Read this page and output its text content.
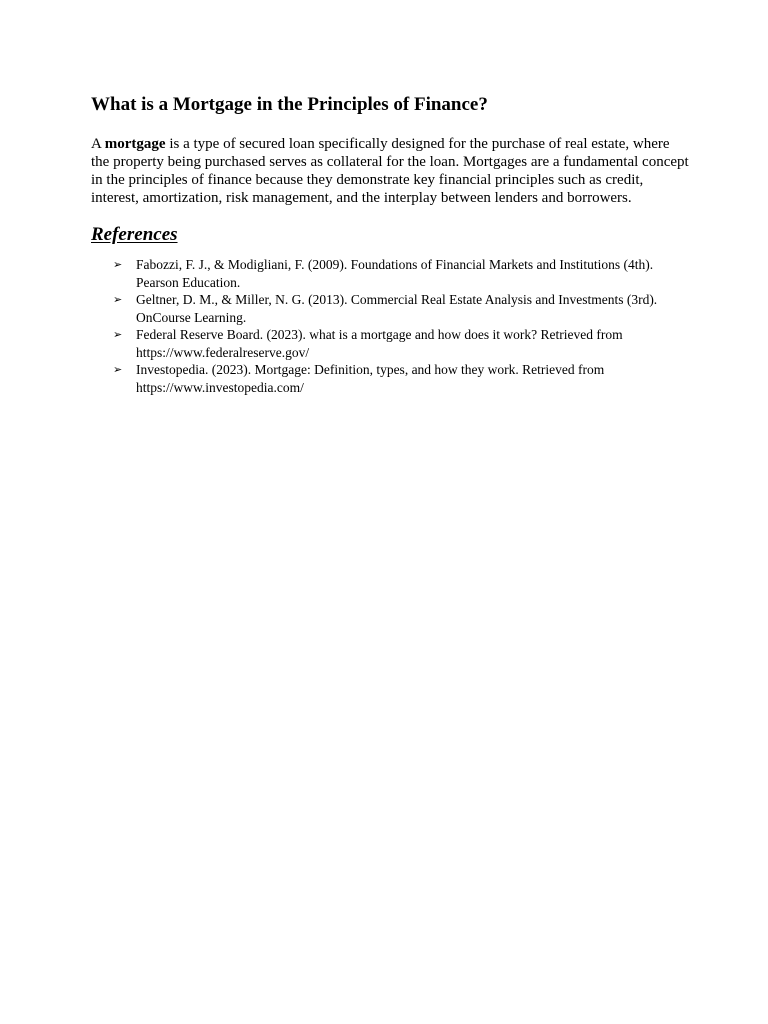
What is a Mortgage in the Principles of Finance?

A mortgage is a type of secured loan specifically designed for the purchase of real estate, where the property being purchased serves as collateral for the loan. Mortgages are a fundamental concept in the principles of finance because they demonstrate key financial principles such as credit, interest, amortization, risk management, and the interplay between lenders and borrowers.

References
➢ Fabozzi, F. J., & Modigliani, F. (2009). Foundations of Financial Markets and Institutions (4th). Pearson Education.
➢ Geltner, D. M., & Miller, N. G. (2013). Commercial Real Estate Analysis and Investments (3rd). OnCourse Learning.
➢ Federal Reserve Board. (2023). what is a mortgage and how does it work? Retrieved from https://www.federalreserve.gov/
➢ Investopedia. (2023). Mortgage: Definition, types, and how they work. Retrieved from https://www.investopedia.com/
